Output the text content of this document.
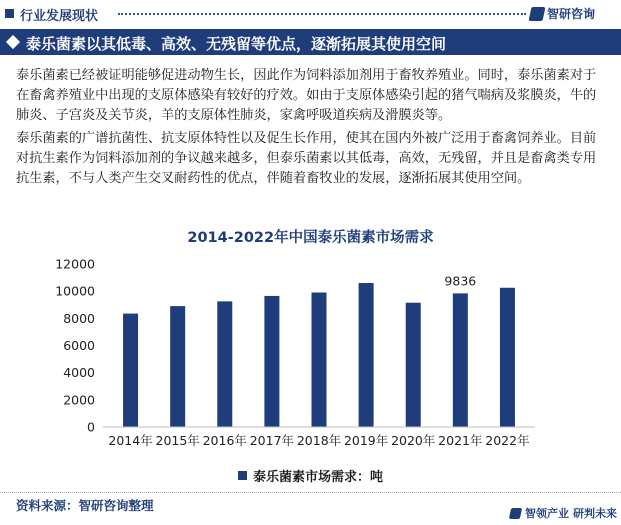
行业发展现状	智研咨询
泰乐菌素以其低毒、高效、无残留等优点，逐渐拓展其使用空间

泰乐菌素已经被证明能够促进动物生长，因此作为饲料添加剂用于畜牧养殖业。同时，泰乐菌素对于在畜禽养殖业中出现的支原体感染有较好的疗效。如由于支原体感染引起的猪气喘病及浆膜炎，牛的肺炎、子宫炎及关节炎，羊的支原体性肺炎，家禽呼吸道疾病及滑膜炎等。

泰乐菌素的广谱抗菌性、抗支原体特性以及促生长作用，使其在国内外被广泛用于畜禽饲养业。目前对抗生素作为饲料添加剂的争议越来越多，但泰乐菌素以其低毒，高效，无残留，并且是畜禽类专用抗生素，不与人类产生交叉耐药性的优点，伴随着畜牧业的发展，逐渐拓展其使用空间。

2014-2022年中国泰乐菌素市场需求
0
2000
4000
6000
8000
10000
12000
2014年 2015年 2016年 2017年 2018年 2019年 2020年 2021年 2022年
9836
泰乐菌素市场需求：吨
资料来源：智研咨询整理
智领产业 研判未来
